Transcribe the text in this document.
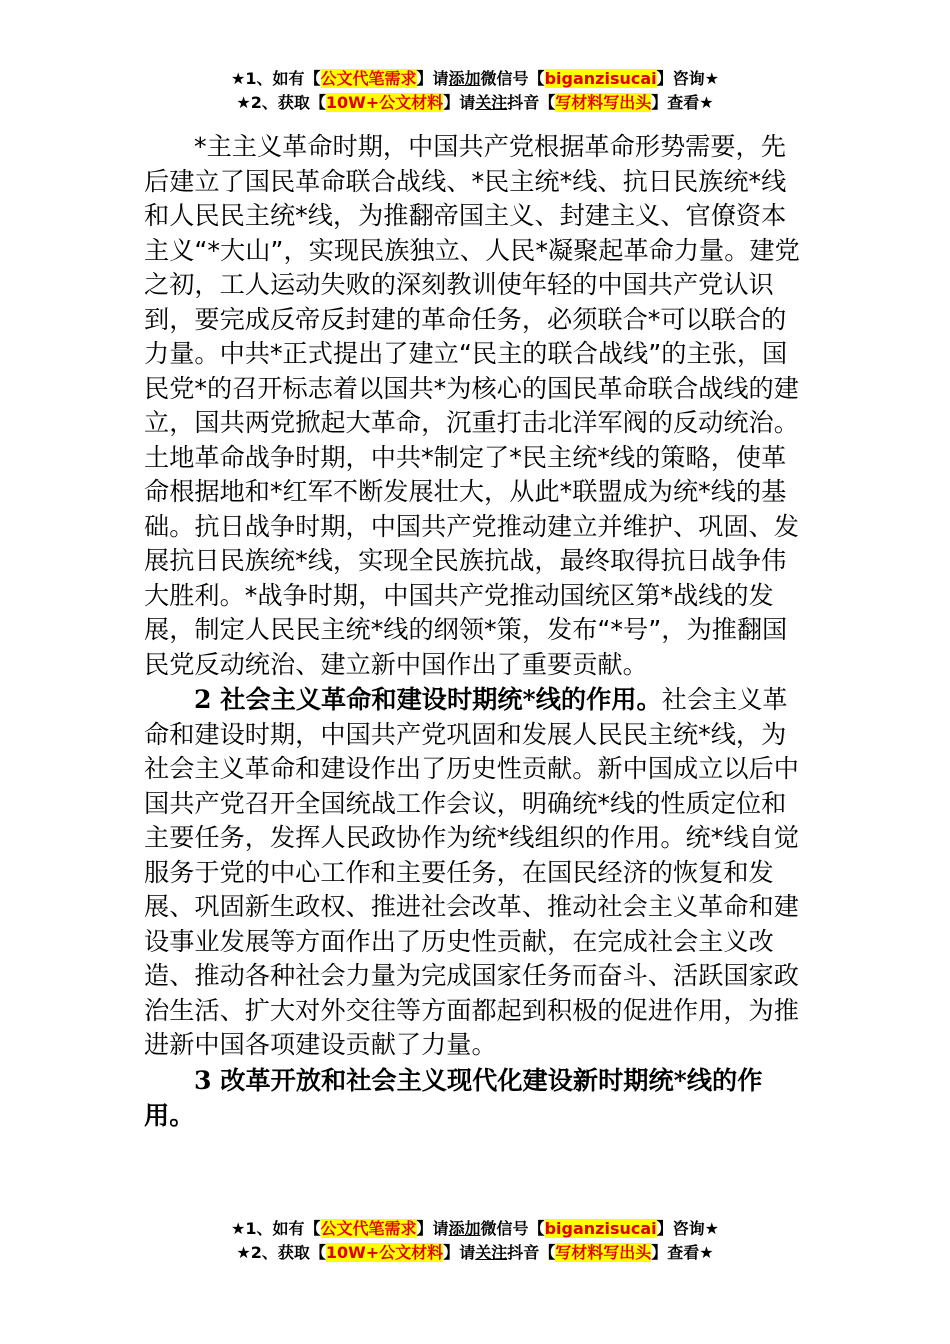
★1、如有【公文代笔需求】请添加微信号【biganzisucai】咨询★
★2、获取【10W+公文材料】请关注抖音【写材料写出头】查看★

*主主义革命时期，中国共产党根据革命形势需要，先后建立了国民革命联合战线、*民主统*线、抗日民族统*线和人民民主统*线，为推翻帝国主义、封建主义、官僚资本主义“*大山”，实现民族独立、人民*凝聚起革命力量。建党之初，工人运动失败的深刻教训使年轻的中国共产党认识到，要完成反帝反封建的革命任务，必须联合*可以联合的力量。中共*正式提出了建立“民主的联合战线”的主张，国民党*的召开标志着以国共*为核心的国民革命联合战线的建立，国共两党掀起大革命，沉重打击北洋军阀的反动统治。土地革命战争时期，中共*制定了*民主统*线的策略，使革命根据地和*红军不断发展壮大，从此*联盟成为统*线的基础。抗日战争时期，中国共产党推动建立并维护、巩固、发展抗日民族统*线，实现全民族抗战，最终取得抗日战争伟大胜利。*战争时期，中国共产党推动国统区第*战线的发展，制定人民民主统*线的纲领*策，发布“*号”，为推翻国民党反动统治、建立新中国作出了重要贡献。

2 社会主义革命和建设时期统*线的作用。社会主义革命和建设时期，中国共产党巩固和发展人民民主统*线，为社会主义革命和建设作出了历史性贡献。新中国成立以后中国共产党召开全国统战工作会议，明确统*线的性质定位和主要任务，发挥人民政协作为统*线组织的作用。统*线自觉服务于党的中心工作和主要任务，在国民经济的恢复和发展、巩固新生政权、推进社会改革、推动社会主义革命和建设事业发展等方面作出了历史性贡献，在完成社会主义改造、推动各种社会力量为完成国家任务而奋斗、活跃国家政治生活、扩大对外交往等方面都起到积极的促进作用，为推进新中国各项建设贡献了力量。

3 改革开放和社会主义现代化建设新时期统*线的作用。

★1、如有【公文代笔需求】请添加微信号【biganzisucai】咨询★
★2、获取【10W+公文材料】请关注抖音【写材料写出头】查看★
